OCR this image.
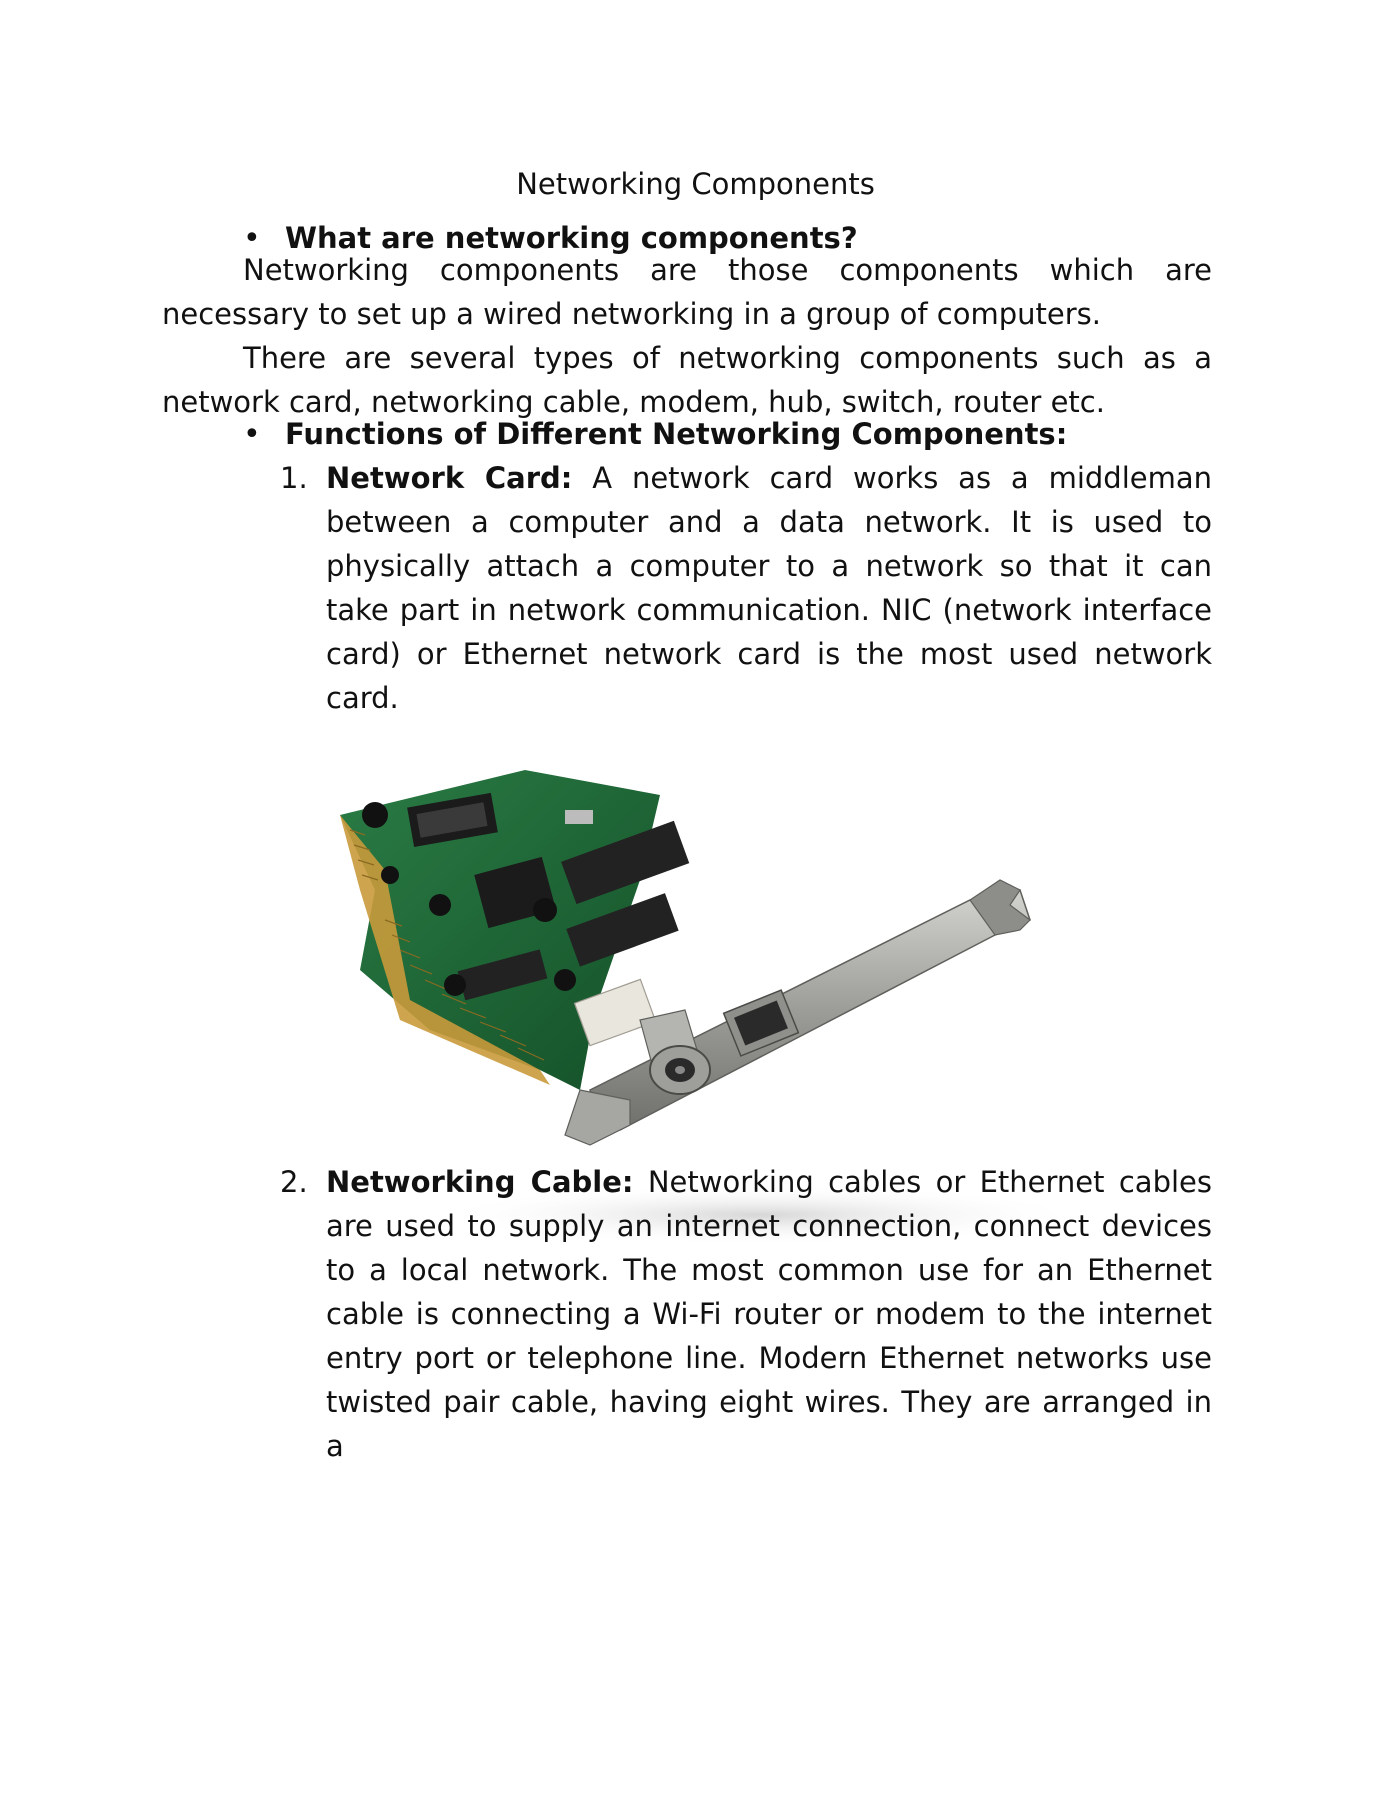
Networking Components
• What are networking components?

Networking components are those components which are necessary to set up a wired networking in a group of computers.

There are several types of networking components such as a network card, networking cable, modem, hub, switch, router etc.

• Functions of Different Networking Components:
1. Network Card: A network card works as a middleman between a computer and a data network. It is used to physically attach a computer to a network so that it can take part in network communication. NIC (network interface card) or Ethernet network card is the most used network card.
2. Networking Cable: Networking cables or Ethernet cables are used to supply an internet connection, connect devices to a local network. The most common use for an Ethernet cable is connecting a Wi-Fi router or modem to the internet entry port or telephone line. Modern Ethernet networks use twisted pair cable, having eight wires. They are arranged in a
